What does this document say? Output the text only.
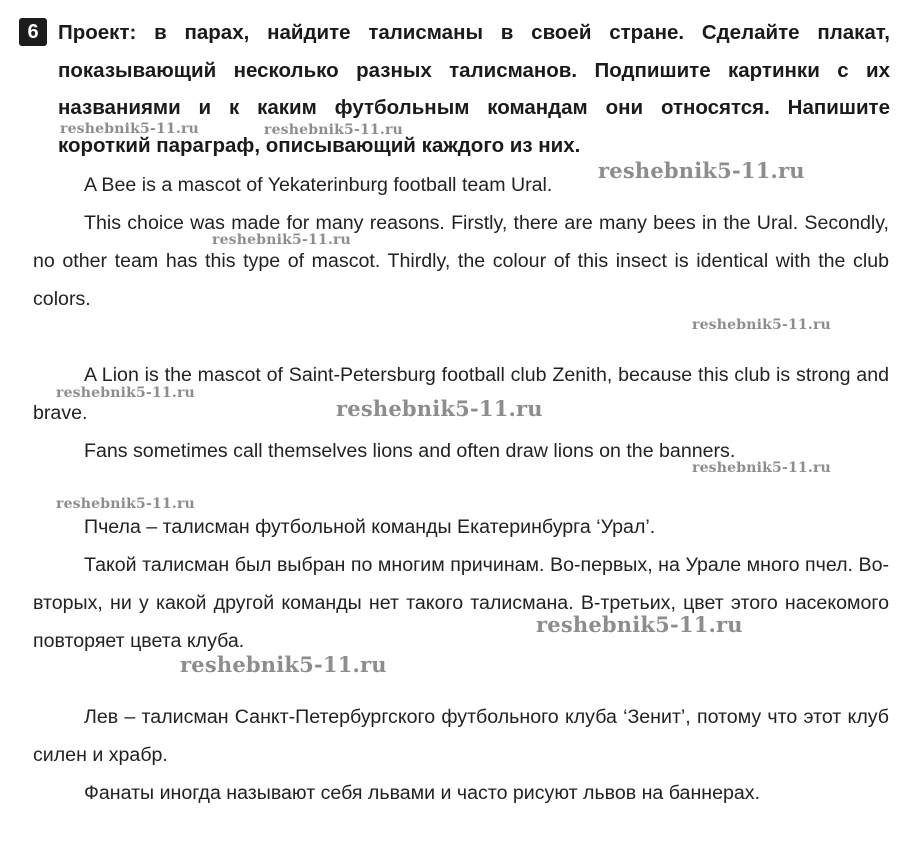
6 Проект: в парах, найдите талисманы в своей стране. Сделайте плакат, показывающий несколько разных талисманов. Подпишите картинки с их названиями и к каким футбольным командам они относятся. Напишите
короткий параграф, описывающий каждого из них.

A Bee is a mascot of Yekaterinburg football team Ural.

This choice was made for many reasons. Firstly, there are many bees in the Ural. Secondly, no other team has this type of mascot. Thirdly, the colour of this insect is identical with the club colors.

A Lion is the mascot of Saint-Petersburg football club Zenith, because this club is strong and brave.

Fans sometimes call themselves lions and often draw lions on the banners.

Пчела – талисман футбольной команды Екатеринбурга ‘Урал’.

Такой талисман был выбран по многим причинам. Во-первых, на Урале много пчел. Во-вторых, ни у какой другой команды нет такого талисмана. В-третьих, цвет этого насекомого повторяет цвета клуба.

Лев – талисман Санкт-Петербургского футбольного клуба ‘Зенит’, потому что этот клуб силен и храбр.

Фанаты иногда называют себя львами и часто рисуют львов на баннерах.

reshebnik5-11.ru	reshebnik5-11.ru
reshebnik5-11.ru
reshebnik5-11.ru
reshebnik5-11.ru
reshebnik5-11.ru
reshebnik5-11.ru
reshebnik5-11.ru
reshebnik5-11.ru
reshebnik5-11.ru
reshebnik5-11.ru
